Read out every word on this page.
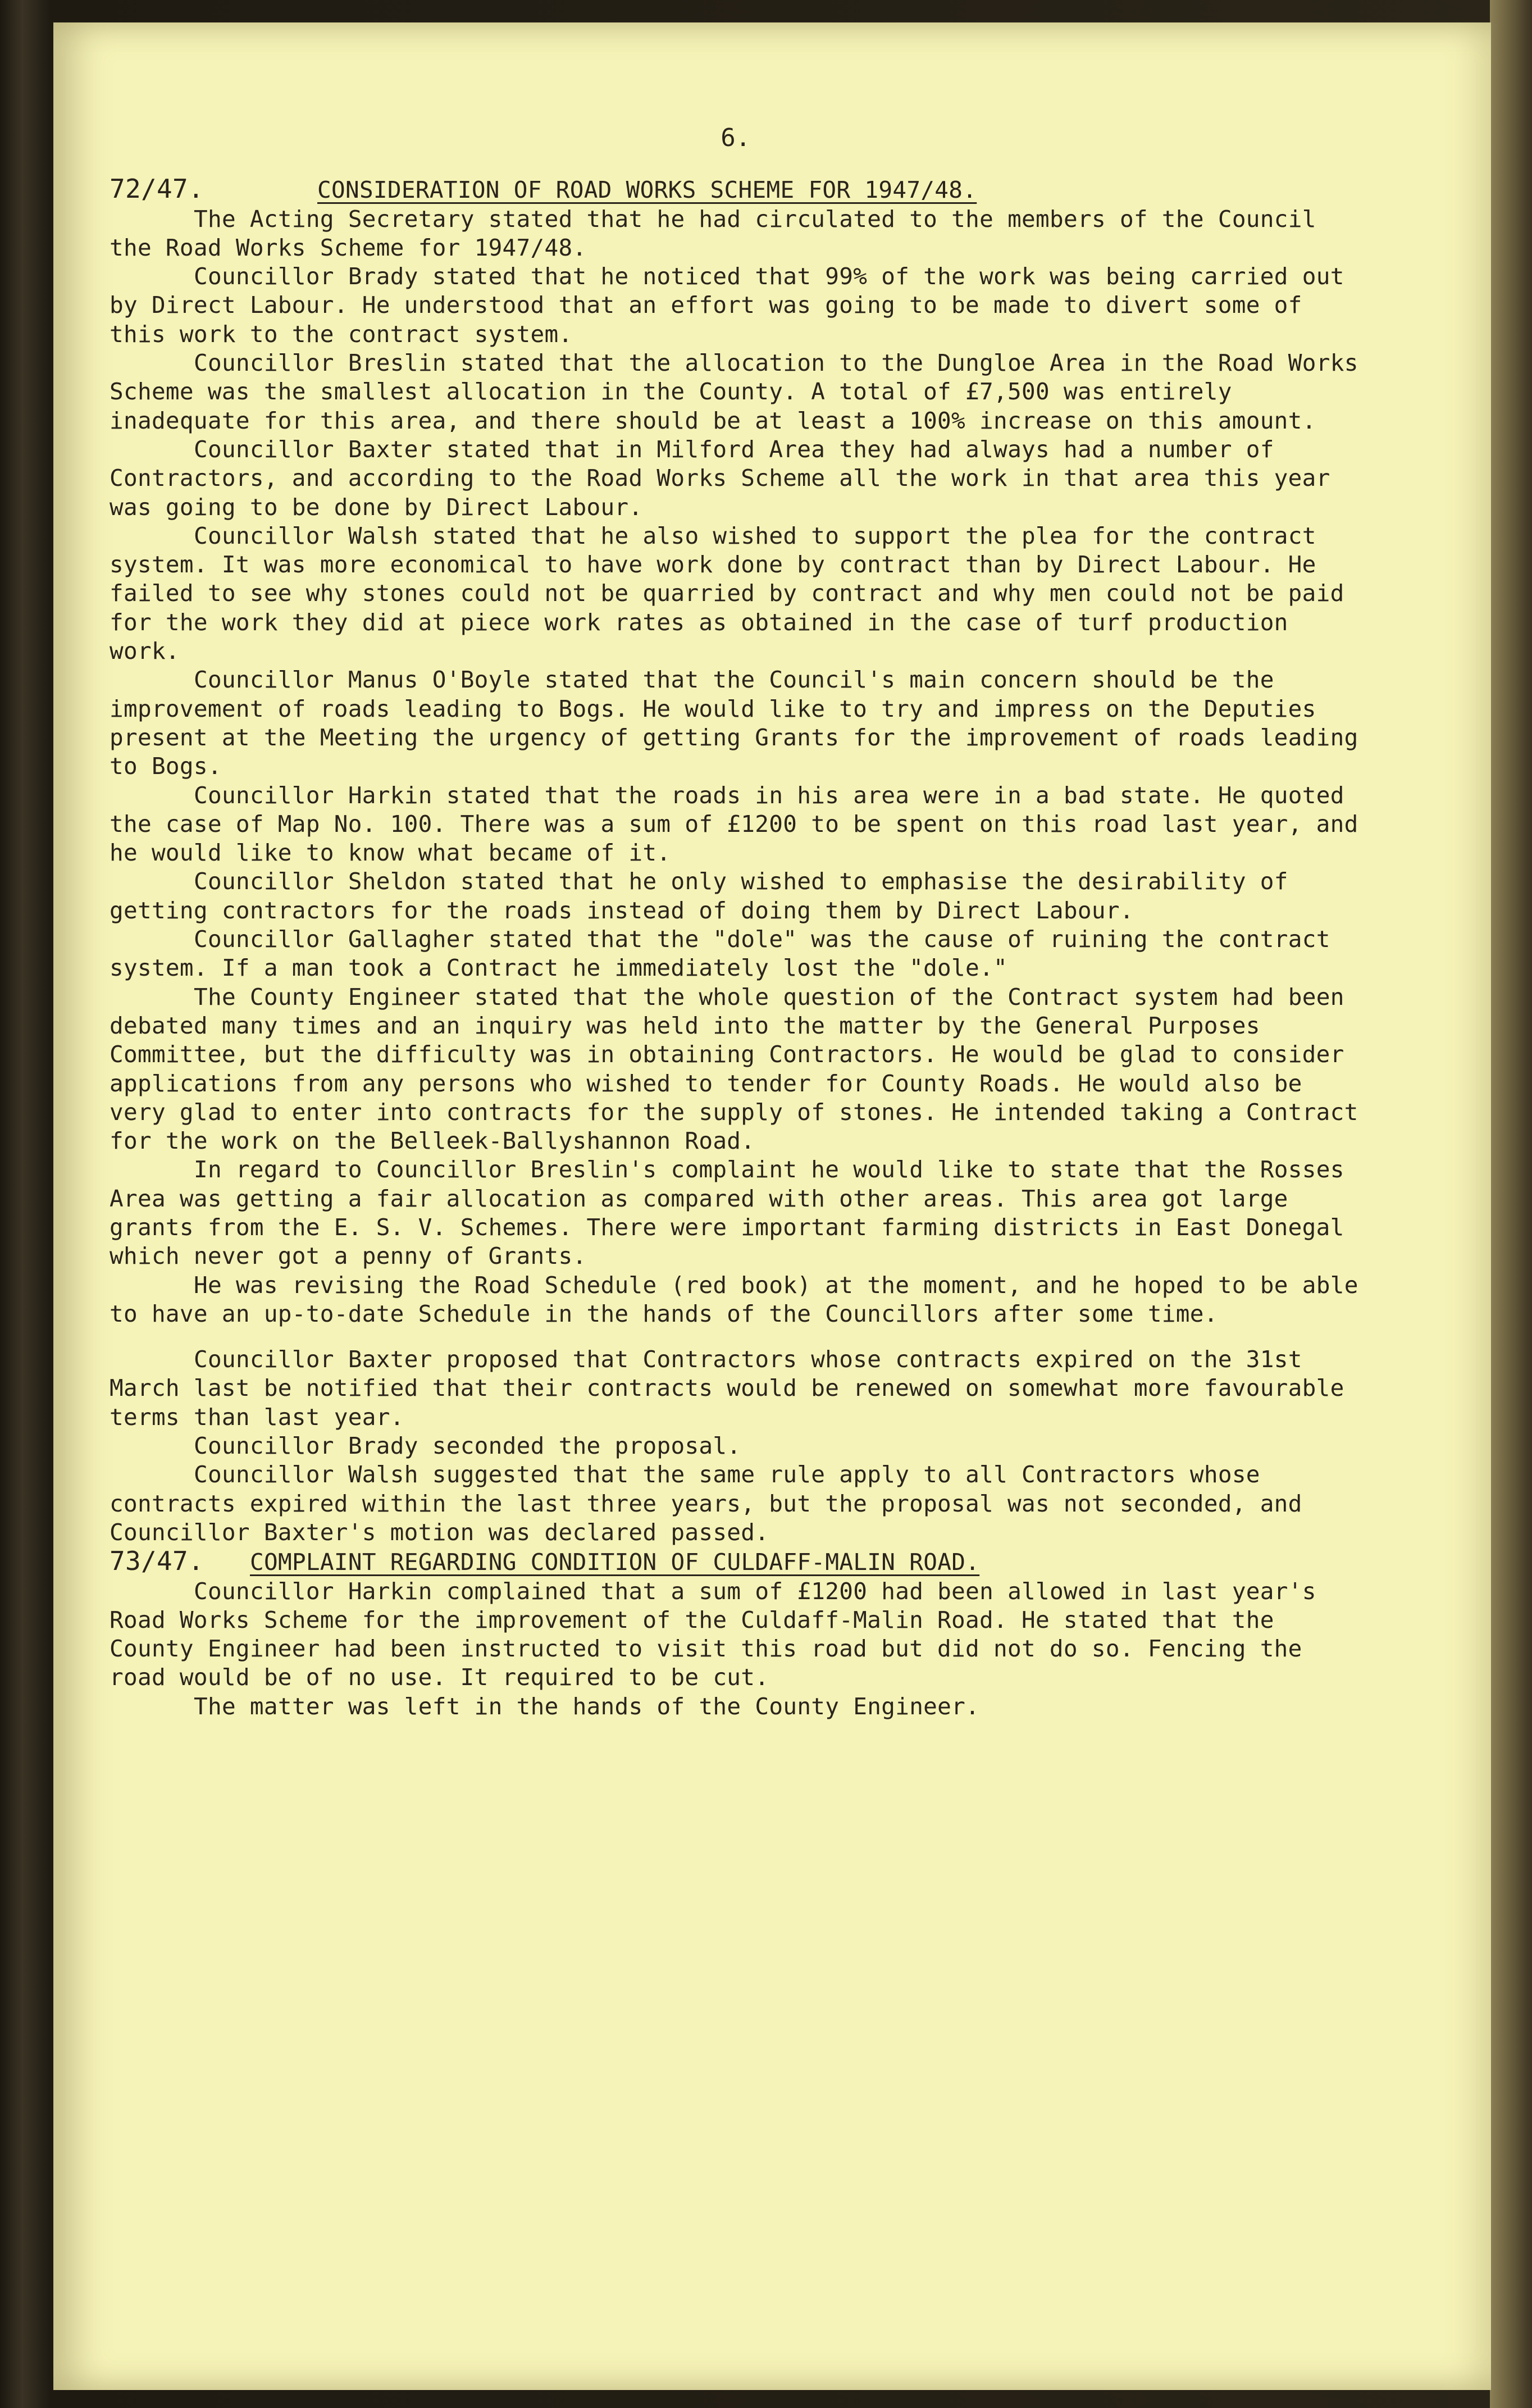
6.
72/47.	CONSIDERATION OF ROAD WORKS SCHEME FOR 1947/48.

The Acting Secretary stated that he had circulated to the members of the Council the Road Works Scheme for 1947/48.

Councillor Brady stated that he noticed that 99% of the work was being carried out by Direct Labour. He understood that an effort was going to be made to divert some of this work to the contract system.

Councillor Breslin stated that the allocation to the Dungloe Area in the Road Works Scheme was the smallest allocation in the County. A total of £7,500 was entirely inadequate for this area, and there should be at least a 100% increase on this amount.

Councillor Baxter stated that in Milford Area they had always had a number of Contractors, and according to the Road Works Scheme all the work in that area this year was going to be done by Direct Labour.

Councillor Walsh stated that he also wished to support the plea for the contract system. It was more economical to have work done by contract than by Direct Labour. He failed to see why stones could not be quarried by contract and why men could not be paid for the work they did at piece work rates as obtained in the case of turf production work.

Councillor Manus O'Boyle stated that the Council's main concern should be the improvement of roads leading to Bogs. He would like to try and impress on the Deputies present at the Meeting the urgency of getting Grants for the improvement of roads leading to Bogs.

Councillor Harkin stated that the roads in his area were in a bad state. He quoted the case of Map No. 100. There was a sum of £1200 to be spent on this road last year, and he would like to know what became of it.

Councillor Sheldon stated that he only wished to emphasise the desirability of getting contractors for the roads instead of doing them by Direct Labour.

Councillor Gallagher stated that the "dole" was the cause of ruining the contract system. If a man took a Contract he immediately lost the "dole."

The County Engineer stated that the whole question of the Contract system had been debated many times and an inquiry was held into the matter by the General Purposes Committee, but the difficulty was in obtaining Contractors. He would be glad to consider applications from any persons who wished to tender for County Roads. He would also be very glad to enter into contracts for the supply of stones. He intended taking a Contract for the work on the Belleek-Ballyshannon Road.

In regard to Councillor Breslin's complaint he would like to state that the Rosses Area was getting a fair allocation as compared with other areas. This area got large grants from the E. S. V. Schemes. There were important farming districts in East Donegal which never got a penny of Grants.

He was revising the Road Schedule (red book) at the moment, and he hoped to be able to have an up-to-date Schedule in the hands of the Councillors after some time.

Councillor Baxter proposed that Contractors whose contracts expired on the 31st March last be notified that their contracts would be renewed on somewhat more favourable terms than last year.

Councillor Brady seconded the proposal.

Councillor Walsh suggested that the same rule apply to all Contractors whose contracts expired within the last three years, but the proposal was not seconded, and Councillor Baxter's motion was declared passed.

73/47.	COMPLAINT REGARDING CONDITION OF CULDAFF-MALIN ROAD.

Councillor Harkin complained that a sum of £1200 had been allowed in last year's Road Works Scheme for the improvement of the Culdaff-Malin Road. He stated that the County Engineer had been instructed to visit this road but did not do so. Fencing the road would be of no use. It required to be cut.

The matter was left in the hands of the County Engineer.
